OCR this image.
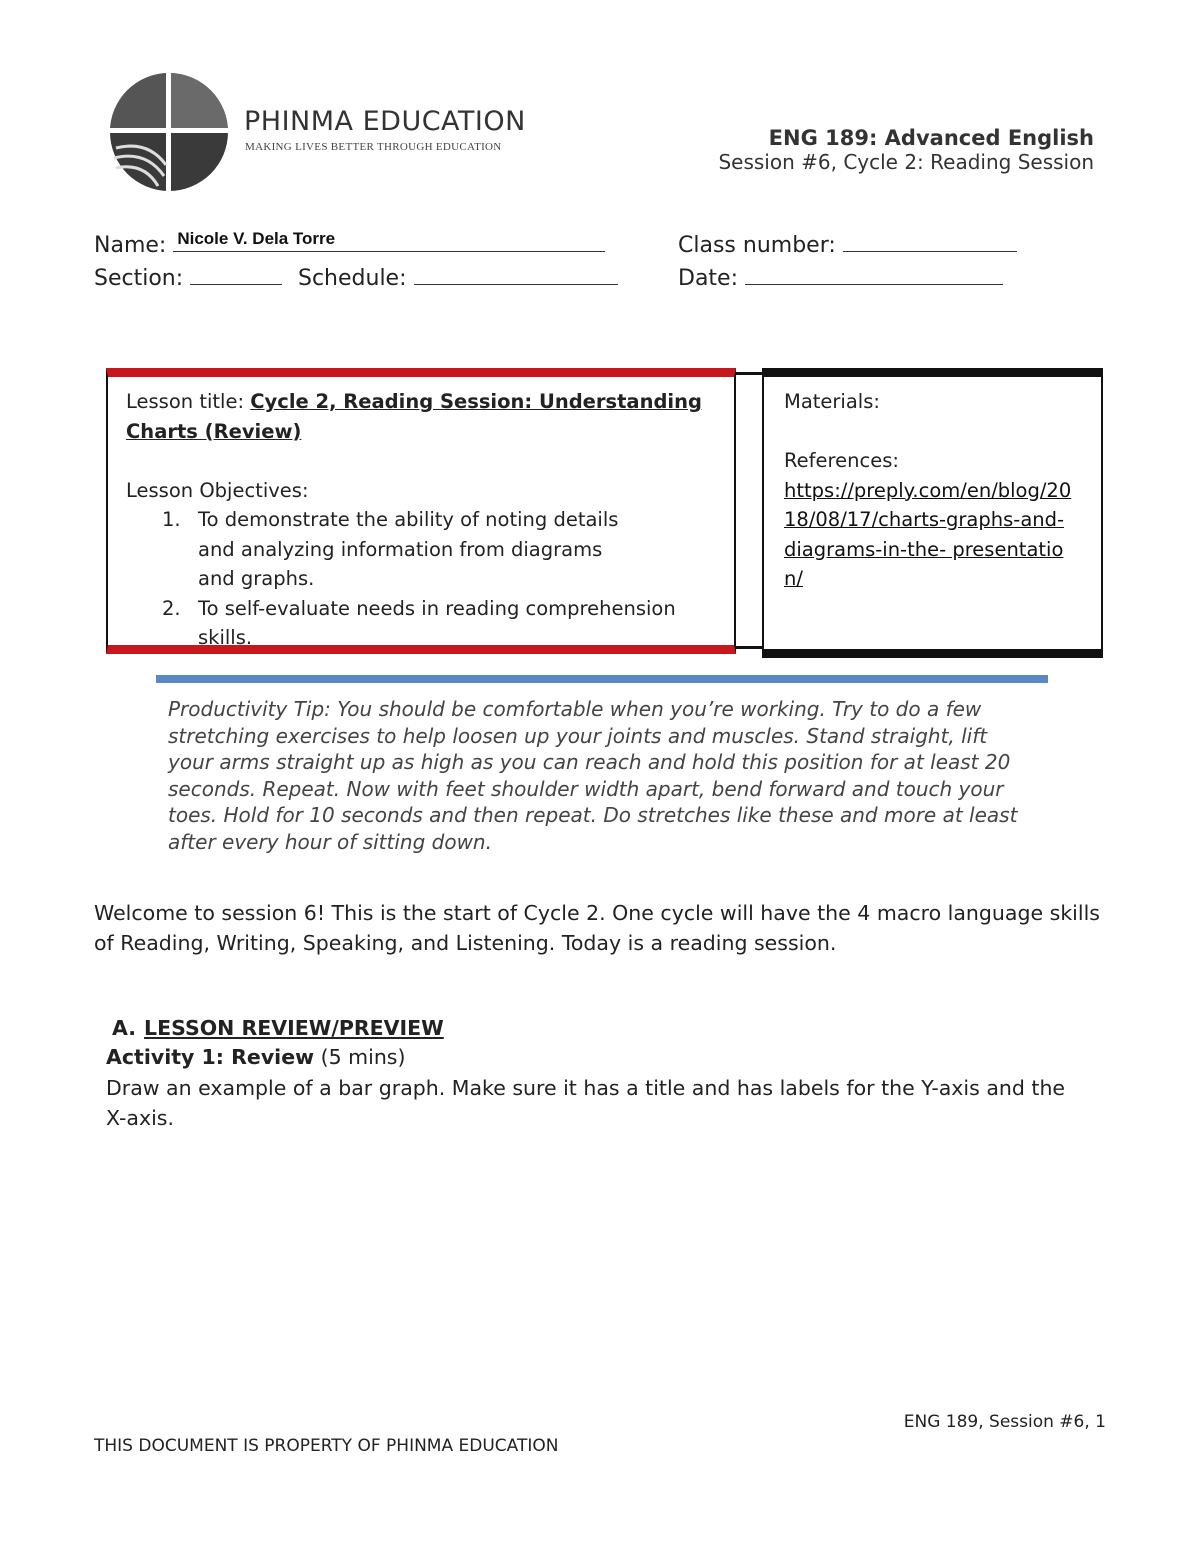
PHINMA EDUCATION
MAKING LIVES BETTER THROUGH EDUCATION	ENG 189: Advanced English
Session #6, Cycle 2: Reading Session
Name: Nicole V. Dela Torre	Class number:
Section:	Schedule:	Date:
Lesson title: Cycle 2, Reading Session: Understanding Charts (Review)
Lesson Objectives:
1. To demonstrate the ability of noting details and analyzing information from diagrams and graphs.
2. To self-evaluate needs in reading comprehension skills.
Materials:
References:
https://preply.com/en/blog/2018/08/17/charts-graphs-and-diagrams-in-the- presentation/
Productivity Tip: You should be comfortable when you’re working. Try to do a few stretching exercises to help loosen up your joints and muscles. Stand straight, lift your arms straight up as high as you can reach and hold this position for at least 20 seconds. Repeat. Now with feet shoulder width apart, bend forward and touch your toes. Hold for 10 seconds and then repeat. Do stretches like these and more at least after every hour of sitting down.
Welcome to session 6! This is the start of Cycle 2. One cycle will have the 4 macro language skills of Reading, Writing, Speaking, and Listening. Today is a reading session.
A. LESSON REVIEW/PREVIEW
Activity 1: Review (5 mins)
Draw an example of a bar graph. Make sure it has a title and has labels for the Y-axis and the X-axis.
ENG 189, Session #6, 1
THIS DOCUMENT IS PROPERTY OF PHINMA EDUCATION
